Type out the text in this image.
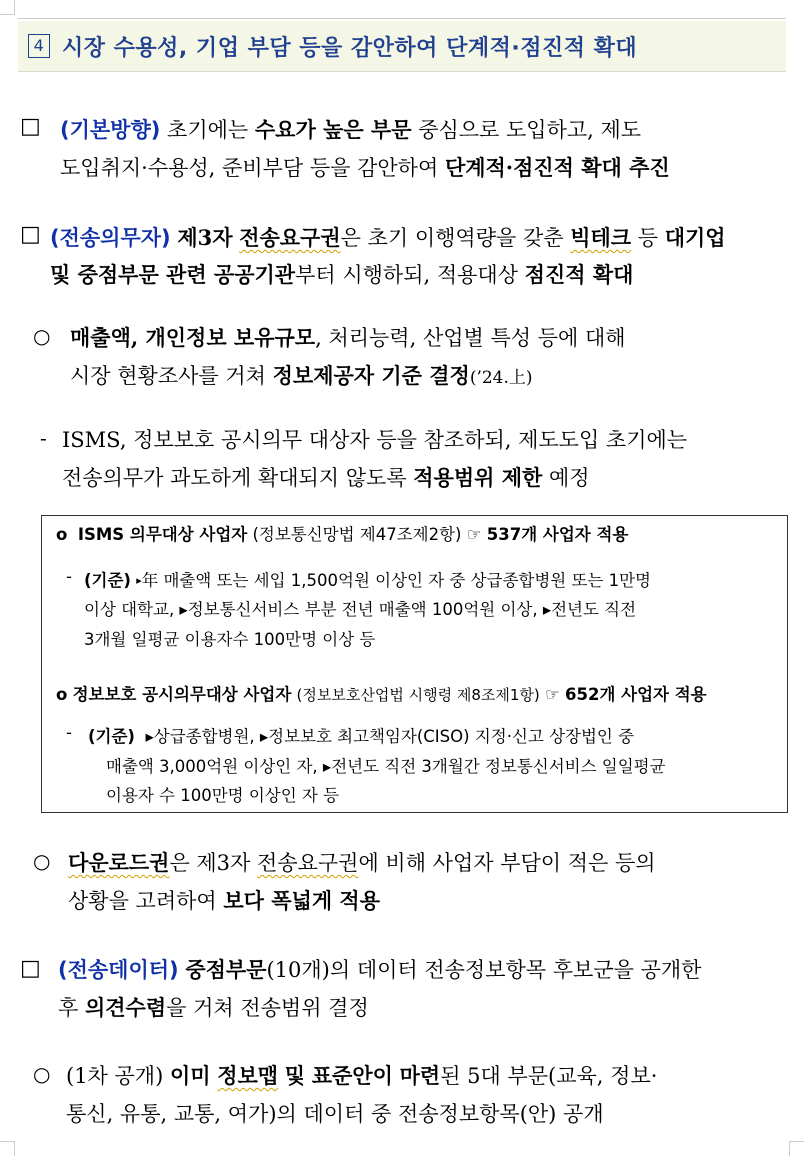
4 시장 수용성, 기업 부담 등을 감안하여 단계적·점진적 확대
□ (기본방향) 초기에는 수요가 높은 부문 중심으로 도입하고, 제도
도입취지·수용성, 준비부담 등을 감안하여 단계적·점진적 확대 추진
□ (전송의무자) 제3자 전송요구권은 초기 이행역량을 갖춘 빅테크 등 대기업
및 중점부문 관련 공공기관부터 시행하되, 적용대상 점진적 확대
○ 매출액, 개인정보 보유규모, 처리능력, 산업별 특성 등에 대해
시장 현황조사를 거쳐 정보제공자 기준 결정(’24.上)
- ISMS, 정보보호 공시의무 대상자 등을 참조하되, 제도도입 초기에는
전송의무가 과도하게 확대되지 않도록 적용범위 제한 예정
o ISMS 의무대상 사업자 (정보통신망법 제47조제2항) ☞ 537개 사업자 적용
- (기준) ▸年 매출액 또는 세입 1,500억원 이상인 자 중 상급종합병원 또는 1만명
이상 대학교, ▸정보통신서비스 부분 전년 매출액 100억원 이상, ▸전년도 직전
3개월 일평균 이용자수 100만명 이상 등
o 정보보호 공시의무대상 사업자 (정보보호산업법 시행령 제8조제1항) ☞ 652개 사업자 적용
- (기준) ▸상급종합병원, ▸정보보호 최고책임자(CISO) 지정·신고 상장법인 중
매출액 3,000억원 이상인 자, ▸전년도 직전 3개월간 정보통신서비스 일일평균
이용자 수 100만명 이상인 자 등
○ 다운로드권은 제3자 전송요구권에 비해 사업자 부담이 적은 등의
상황을 고려하여 보다 폭넓게 적용
□ (전송데이터) 중점부문(10개)의 데이터 전송정보항목 후보군을 공개한
후 의견수렴을 거쳐 전송범위 결정
○ (1차 공개) 이미 정보맵 및 표준안이 마련된 5대 부문(교육, 정보·
통신, 유통, 교통, 여가)의 데이터 중 전송정보항목(안) 공개
